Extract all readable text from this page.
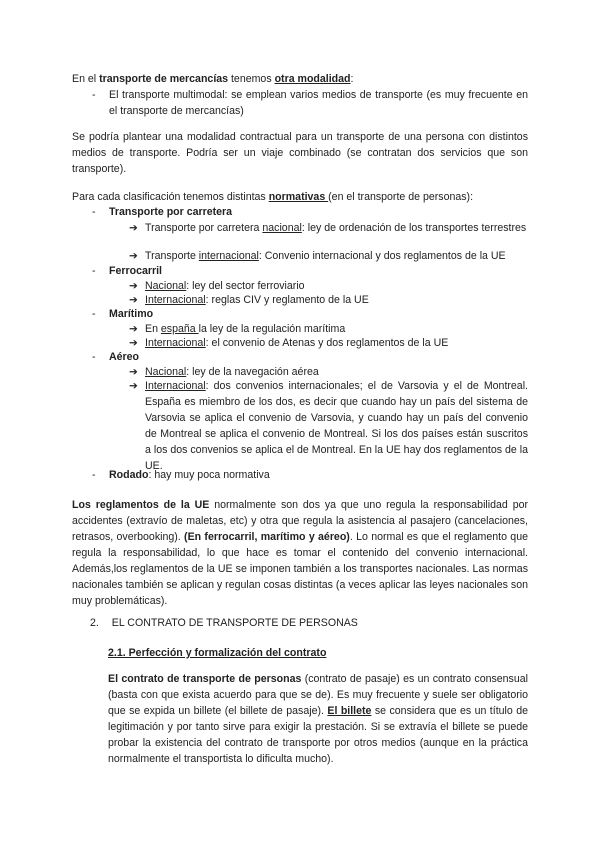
En el transporte de mercancías tenemos otra modalidad:

- El transporte multimodal: se emplean varios medios de transporte (es muy frecuente en el transporte de mercancías)

Se podría plantear una modalidad contractual para un transporte de una persona con distintos medios de transporte. Podría ser un viaje combinado (se contratan dos servicios que son transporte).

Para cada clasificación tenemos distintas normativas (en el transporte de personas):

- Transporte por carretera
➔ Transporte por carretera nacional: ley de ordenación de los transportes terrestres

➔ Transporte internacional: Convenio internacional y dos reglamentos de la UE

- Ferrocarril
➔ Nacional: ley del sector ferroviario

➔ Internacional: reglas CIV y reglamento de la UE

- Marítimo
➔ En españa la ley de la regulación marítima

➔ Internacional: el convenio de Atenas y dos reglamentos de la UE

- Aéreo
➔ Nacional: ley de la navegación aérea

➔ Internacional: dos convenios internacionales; el de Varsovia y el de Montreal. España es miembro de los dos, es decir que cuando hay un país del sistema de Varsovia se aplica el convenio de Varsovia, y cuando hay un país del convenio de Montreal se aplica el convenio de Montreal. Si los dos países están suscritos a los dos convenios se aplica el de Montreal. En la UE hay dos reglamentos de la UE.

- Rodado: hay muy poca normativa

Los reglamentos de la UE normalmente son dos ya que uno regula la responsabilidad por accidentes (extravío de maletas, etc) y otra que regula la asistencia al pasajero (cancelaciones, retrasos, overbooking). (En ferrocarril, marítimo y aéreo). Lo normal es que el reglamento que regula la responsabilidad, lo que hace es tomar el contenido del convenio internacional. Además,los reglamentos de la UE se imponen también a los transportes nacionales. Las normas nacionales también se aplican y regulan cosas distintas (a veces aplicar las leyes nacionales son muy problemáticas).

2. EL CONTRATO DE TRANSPORTE DE PERSONAS
2.1. Perfección y formalización del contrato

El contrato de transporte de personas (contrato de pasaje) es un contrato consensual (basta con que exista acuerdo para que se de). Es muy frecuente y suele ser obligatorio que se expida un billete (el billete de pasaje). El billete se considera que es un título de legitimación y por tanto sirve para exigir la prestación. Si se extravía el billete se puede probar la existencia del contrato de transporte por otros medios (aunque en la práctica normalmente el transportista lo dificulta mucho).
